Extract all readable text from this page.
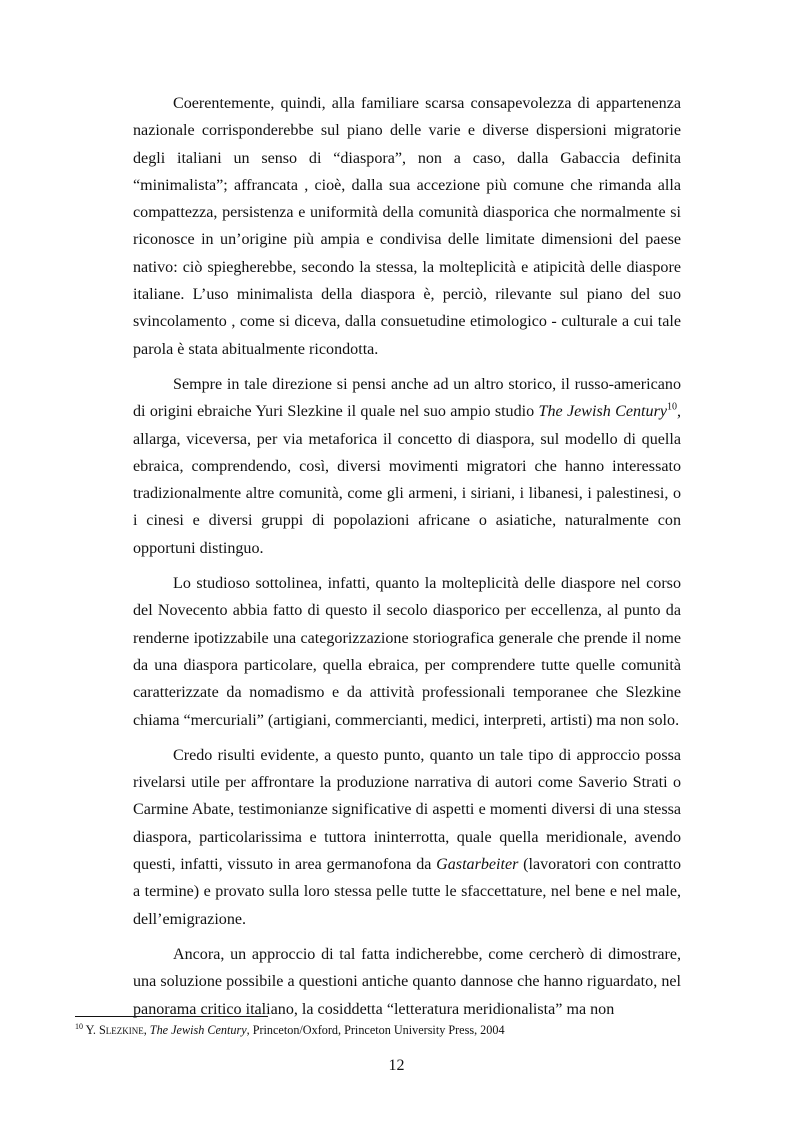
Coerentemente, quindi, alla familiare scarsa consapevolezza di appartenenza nazionale corrisponderebbe sul piano delle varie e diverse dispersioni migratorie degli italiani un senso di “diaspora”, non a caso, dalla Gabaccia definita “minimalista”; affrancata , cioè, dalla sua accezione più comune che rimanda alla compattezza, persistenza e uniformità della comunità diasporica che normalmente si riconosce in un’origine più ampia e condivisa delle limitate dimensioni del paese nativo: ciò spiegherebbe, secondo la stessa, la molteplicità e atipicità delle diaspore italiane. L’uso minimalista della diaspora è, perciò, rilevante sul piano del suo svincolamento , come si diceva, dalla consuetudine etimologico - culturale a cui tale parola è stata abitualmente ricondotta.

Sempre in tale direzione si pensi anche ad un altro storico, il russo-americano di origini ebraiche Yuri Slezkine il quale nel suo ampio studio The Jewish Century$^{10}$, allarga, viceversa, per via metaforica il concetto di diaspora, sul modello di quella ebraica, comprendendo, così, diversi movimenti migratori che hanno interessato tradizionalmente altre comunità, come gli armeni, i siriani, i libanesi, i palestinesi, o i cinesi e diversi gruppi di popolazioni africane o asiatiche, naturalmente con opportuni distinguo.

Lo studioso sottolinea, infatti, quanto la molteplicità delle diaspore nel corso del Novecento abbia fatto di questo il secolo diasporico per eccellenza, al punto da renderne ipotizzabile una categorizzazione storiografica generale che prende il nome da una diaspora particolare, quella ebraica, per comprendere tutte quelle comunità caratterizzate da nomadismo e da attività professionali temporanee che Slezkine chiama “mercuriali” (artigiani, commercianti, medici, interpreti, artisti) ma non solo.

Credo risulti evidente, a questo punto, quanto un tale tipo di approccio possa rivelarsi utile per affrontare la produzione narrativa di autori come Saverio Strati o Carmine Abate, testimonianze significative di aspetti e momenti diversi di una stessa diaspora, particolarissima e tuttora ininterrotta, quale quella meridionale, avendo questi, infatti, vissuto in area germanofona da Gastarbeiter (lavoratori con contratto a termine) e provato sulla loro stessa pelle tutte le sfaccettature, nel bene e nel male, dell’emigrazione.

Ancora, un approccio di tal fatta indicherebbe, come cercherò di dimostrare, una soluzione possibile a questioni antiche quanto dannose che hanno riguardato, nel panorama critico italiano, la cosiddetta “letteratura meridionalista” ma non

$^{10}$ Y. Slezkine, The Jewish Century, Princeton/Oxford, Princeton University Press, 2004
12
